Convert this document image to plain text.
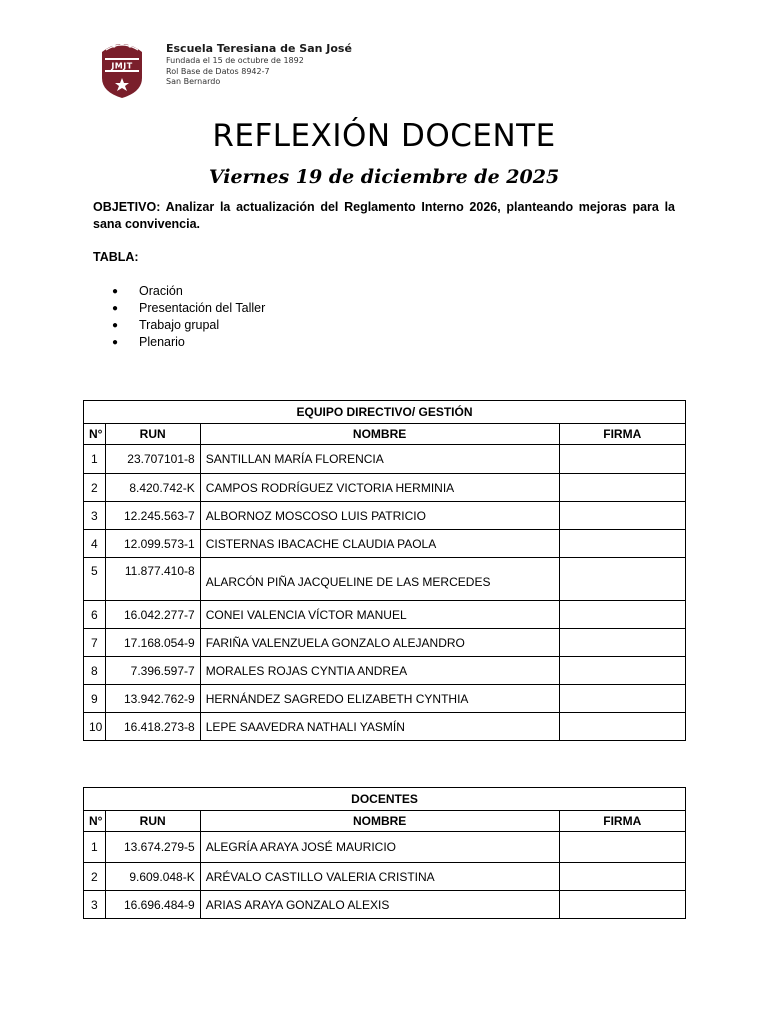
JMJT
Escuela Teresiana de San José
Fundada el 15 de octubre de 1892
Rol Base de Datos 8942-7
San Bernardo
REFLEXIÓN DOCENTE
Viernes 19 de diciembre de 2025
OBJETIVO: Analizar la actualización del Reglamento Interno 2026, planteando mejoras para la sana convivencia.
TABLA:
● Oración
● Presentación del Taller
● Trabajo grupal
● Plenario
EQUIPO DIRECTIVO/ GESTIÓN			
N°	RUN	NOMBRE	FIRMA
1	23.707101-8	SANTILLAN MARÍA FLORENCIA	
2	8.420.742-K	CAMPOS RODRÍGUEZ VICTORIA HERMINIA	
3	12.245.563-7	ALBORNOZ MOSCOSO LUIS PATRICIO	
4	12.099.573-1	CISTERNAS IBACACHE CLAUDIA PAOLA	
5	11.877.410-8	ALARCÓN PIÑA JACQUELINE DE LAS MERCEDES	
6	16.042.277-7	CONEI VALENCIA VÍCTOR MANUEL	
7	17.168.054-9	FARIÑA VALENZUELA GONZALO ALEJANDRO	
8	7.396.597-7	MORALES ROJAS CYNTIA ANDREA	
9	13.942.762-9	HERNÁNDEZ SAGREDO ELIZABETH CYNTHIA	
10	16.418.273-8	LEPE SAAVEDRA NATHALI YASMÍN	
DOCENTES			
N°	RUN	NOMBRE	FIRMA
1	13.674.279-5	ALEGRÍA ARAYA JOSÉ MAURICIO	
2	9.609.048-K	ARÉVALO CASTILLO VALERIA CRISTINA	
3	16.696.484-9	ARIAS ARAYA GONZALO ALEXIS	
